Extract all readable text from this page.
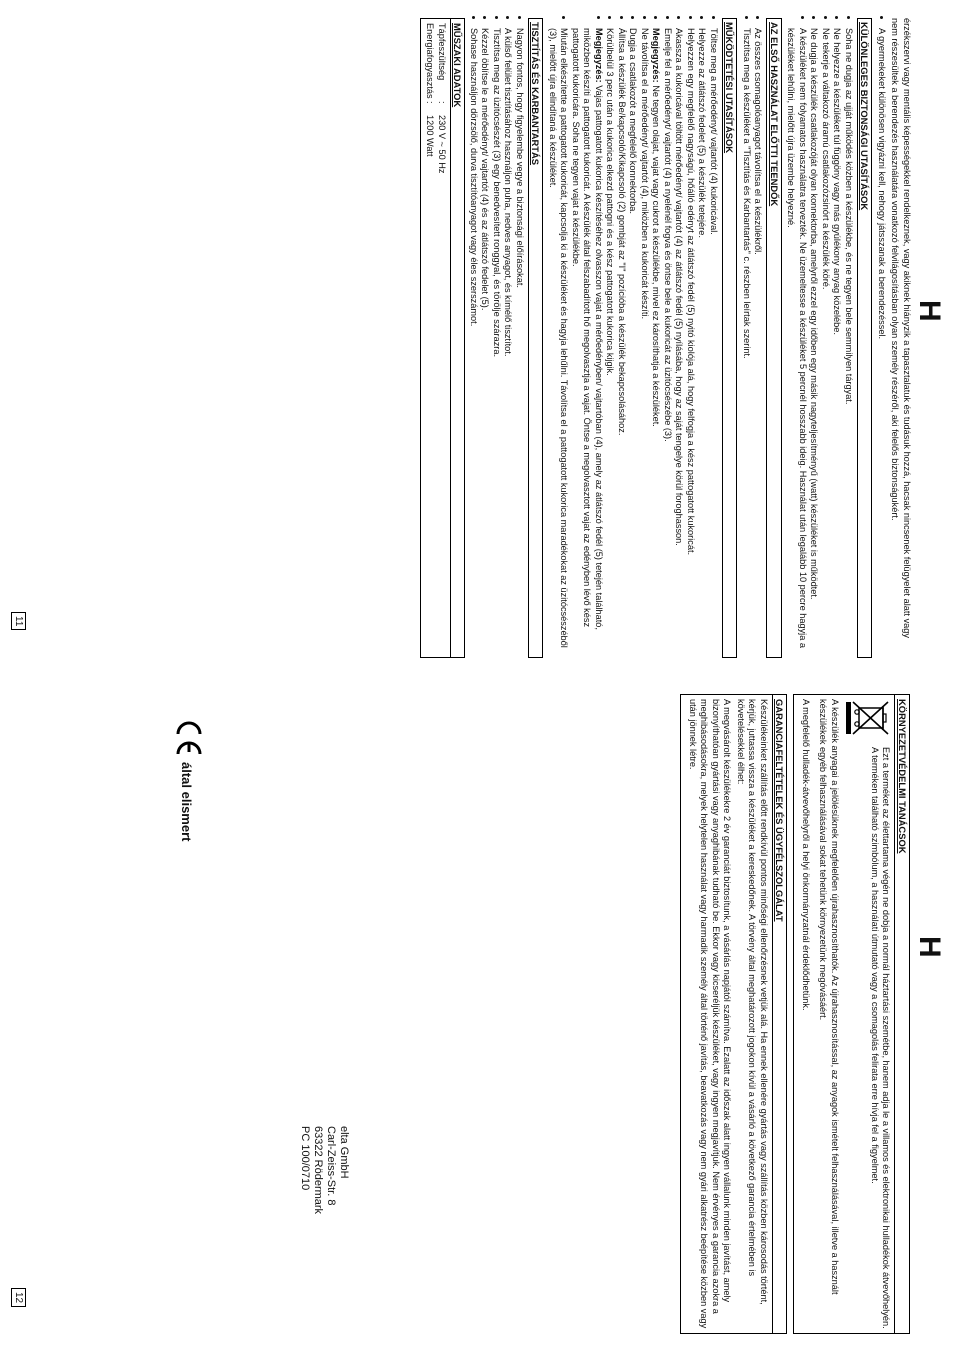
H

érzékszervi vagy mentális képességekkel rendelkeznek, vagy akiknek hiányzik a tapasztalatuk és tudásuk hozzá, hacsak nincsenek felügyelet alatt vagy nem részesültek a berendezés használatára vonatkozó felvilágosításban olyan személy részéről, aki felelős biztonságukért.

• A gyermekeket különösen vigyázni kell, nehogy játsszanak a berendezéssel.
KÜLÖNLEGES BIZTONSÁGI UTASÍTÁSOK
• Soha ne dugja az ujját működés közben a készülékbe, és ne tegyen bele semmilyen tárgyat.
• Ne helyezze a készüléket túl függöny vagy más gyúlékony anyag közelébe.
• Ne tekerje a váltakozó áramú csatlakozózsinórt a készülék köré.
• Ne dugja a készülék csatlakozóját olyan konnektorba, amelyről ezzel egy időben egy másik nagyteljesítményű (watt) készüléket is működtet.
• A készüléket nem folyamatos használatra tervezték. Ne üzemeltesse a készüléket 5 percnél hosszabb ideig. Használat után legalább 10 percre hagyja a készüléket lehűlni, mielőtt újra üzembe helyezné.
AZ ELSŐ HASZNÁLAT ELŐTTI TEENDŐK
• Az összes csomagolóanyagot távolítsa el a készülékről.
• Tisztítsa meg a készüléket a "Tisztítás és Karbantartás" c. részben leírtak szerint.
MŰKÖDTETÉSI UTASÍTÁSOK
• Töltse meg a mérőedényt/ vajtartót (4) kukoricával.
• Helyezze az átlátszó fedelet (5) a készülék tetejére.
• Helyezzen egy megfelelő nagyságú, hőálló edényt az átlátszó fedél (5) nyitó kiolója alá, hogy felfogja a kész pattogatott kukoricát.
• Akassza a kukoricával töltött mérőedényt/ vajtartót (4) az átlátszó fedél (5) nyílásába, hogy az saját tengelye körül foroghasson.
• Emelje fel a mérőedényt/ vajtartót (4) a nyelénél fogva és öntse bele a kukoricát az üzitócsészébe (3).
• Megjegyzés: Ne tegyen olajat, vajat vagy cukrot a készülékbe, mivel ez károsíthatja a készüléket.
• Ne távolítsa el a mérőedényt/ vajtartót (4), miközben a kukoricát készíti.
• Dugja a csatlakozót a megfelelő konnektorba.
• Állítsa a készülék Be/kapcsoló/Kikapcsoló (2) gombját az "I" pozícióba a készülék bekapcsolásához.
• Körülbelül 3 perc után a kukorica elkezd pattogni és a kész pattogatott kukorica kijgik.
• Megjegyzés: Vajas pattogatott kukorica készítéséhez olvasszon vajat a mérőedényben/ vajtartóban (4), amely az átlátszó fedél (5) tetején található, miközben készíti a pattogatott kukoricát. A készülék által felszabadított hő megolvasztja a vajat. Öntse a megolvasztott vajat az edényben lévő kész pattogatott kukoricára. Soha ne tegyen vajat a készülékbe.
• Miután elkészítette a pattogatott kukoricát, kapcsolja ki a készüléket és hagyja lehűlni. Távolítsa el a pattogatott kukorica maradékokat az üzitócsészéből (3), mielőtt újra elindítaná a készüléket.
TISZTÍTÁS ÉS KARBANTARTÁS
• Nagyon fontos, hogy figyelembe vegye a biztonsági előírásokat.
• A külső felület tisztításához használjon puha, nedves anyagot, és kímélő tisztítot.
• Tisztítsa meg az üzitócsészét (3) egy benedvesített ronggyal, és törölje szárazra.
• Kézzel öblítse le a mérőedényt/ vajtartót (4) és az átlátszó fedelet (5).
• Sohase használjon dörzsölő, durva tisztítóanyagot vagy éles szerszámot.
MŰSZAKI ADATOK
Tápfeszültség
:
230 V ~ 50 Hz
Energiafogyasztás
:
1200 Watt
11
H
KÖRNYEZETVÉDELMI TANÁCSOK

Ezt a terméket az élettartama végén ne dobja a normál háztartási szemétbe, hanem adja le a villamos és elektronikai hulladékok átvevőhelyén. A terméken található szimbólum, a használati útmutató vagy a csomagolás felirata erre hívja fel a figyelmet.

A készülék anyagai a jelölésüknek megfelelően újrahasznosíthatók. Az újrahasznosítással, az anyagok ismételt felhasználásával, illetve a használt készülékek egyéb felhasználásával sokat tehetünk környezetünk megóvásáért.

A megfelelő hulladék-átvevőhelyről a helyi önkormányzatnál érdeklődhetünk.

GARANCIAFELTÉTELEK ÉS ÜGYFÉLSZOLGÁLAT

Készülékeinket szállítás előtt rendkívül pontos minőségi ellenőrzésnek vetjük alá. Ha ennek ellenére gyártás vagy szállítás közben károsodás történt, kérjük, juttassa vissza a készüléket a kereskedőnek. A törvény által meghatározott jogokon kívül a vásárló a következő garancia értelmében is követelésekkel élhet:

A megvásárolt készülékekre 2 év garanciát biztosítunk, a vásárlás napjától számítva. Ezalatt az időszak alatt ingyen vállalunk minden javítást, amely bizonyíthatóan gyártási vagy anyaghibának tudható be. Ekkor vagy kicseréljük készüléket, vagy ingyen megjavítjuk. Nem érvényes a garancia azokra a meghibásodásokra, melyek helytelen használat vagy harmadik személy által történő javítás, beavatkozás vagy nem gyári alkatrész beépítése közben vagy után jönnek létre.

által elismert
elta GmbH
Carl-Zeiss-Str. 8
63322 Rödermark
PC 100/0710
12
